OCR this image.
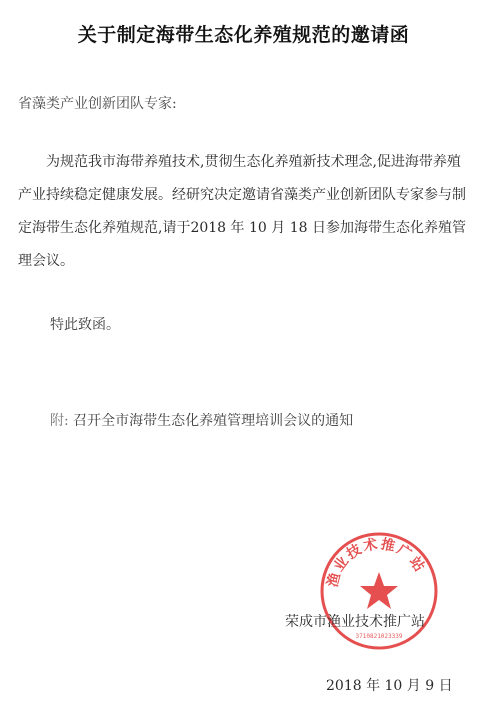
关于制定海带生态化养殖规范的邀请函
省藻类产业创新团队专家:
为规范我市海带养殖技术,贯彻生态化养殖新技术理念,促进海带养殖产业持续稳定健康发展。经研究决定邀请省藻类产业创新团队专家参与制定海带生态化养殖规范,请于2018 年 10 月 18 日参加海带生态化养殖管理会议。
特此致函。
附: 召开全市海带生态化养殖管理培训会议的通知
渔业技术推广站
3710821023339
荣成市渔业技术推广站
2018 年 10 月 9 日
